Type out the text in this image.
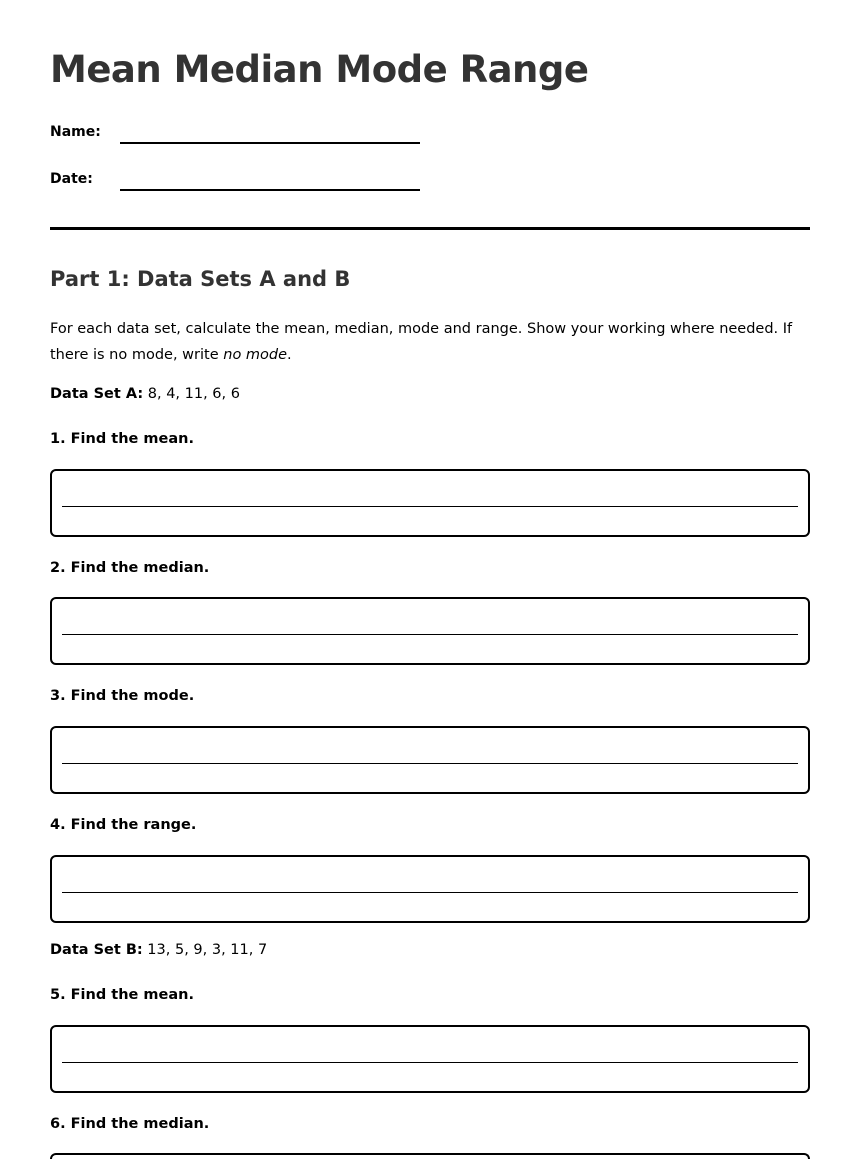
Mean Median Mode Range
Name:
Date:
Part 1: Data Sets A and B

For each data set, calculate the mean, median, mode and range. Show your working where needed. If there is no mode, write no mode.

Data Set A: 8, 4, 11, 6, 6
1. Find the mean.
2. Find the median.
3. Find the mode.
4. Find the range.
Data Set B: 13, 5, 9, 3, 11, 7
5. Find the mean.
6. Find the median.
